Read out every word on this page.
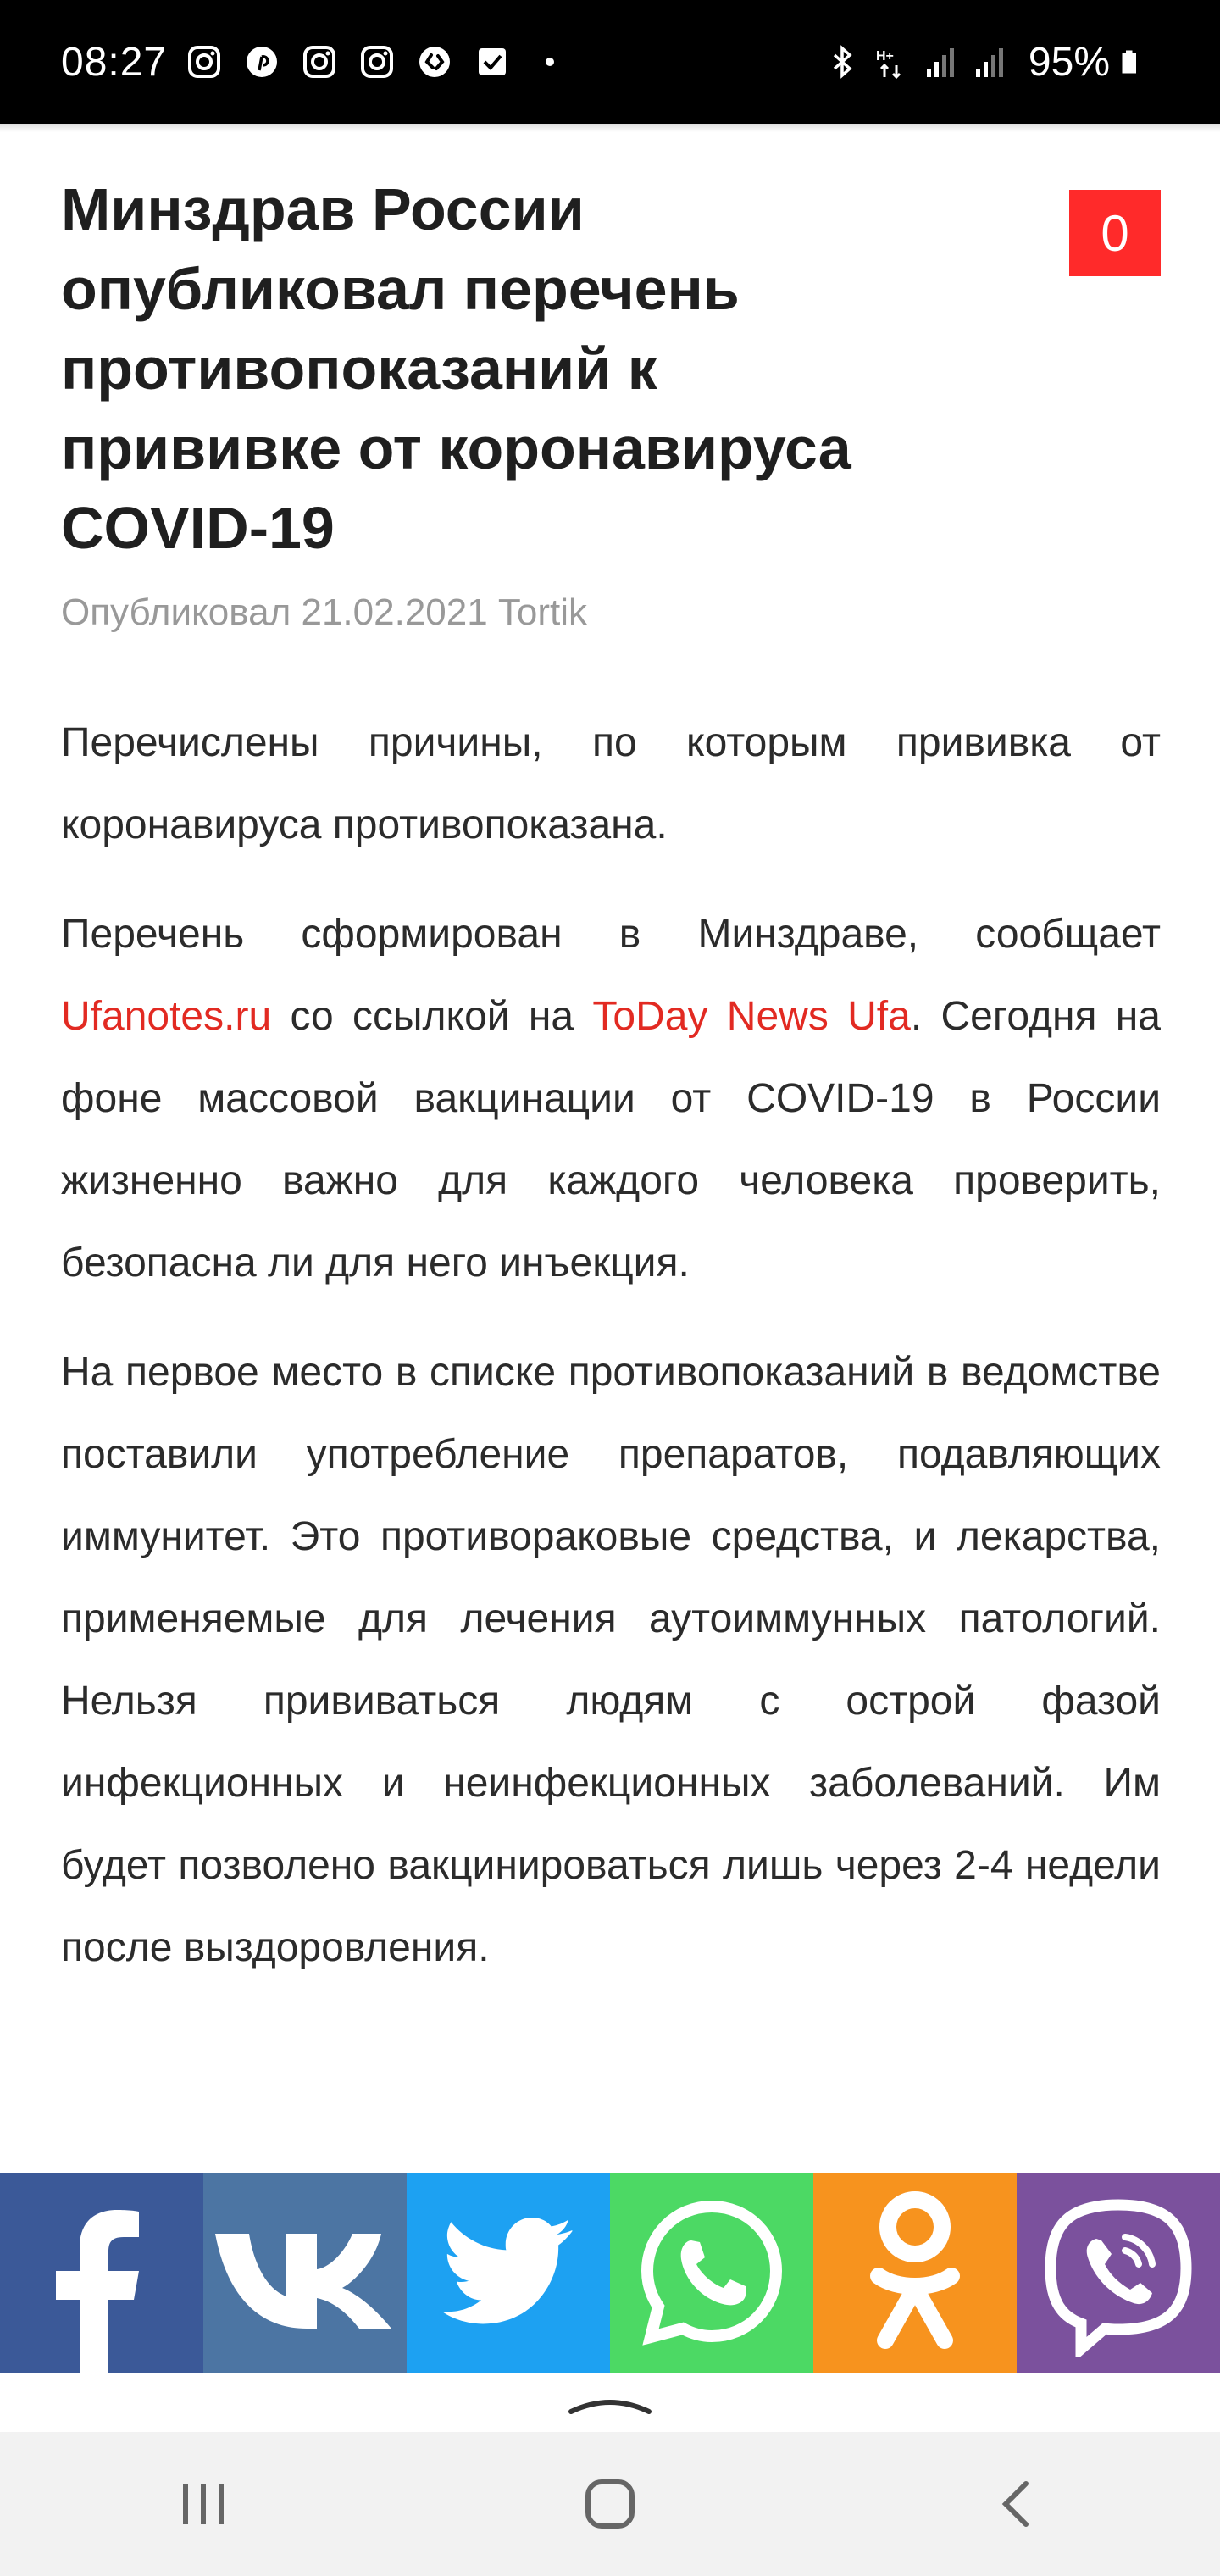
08:27	H+	95%
Минздрав России опубликовал перечень противопоказаний к прививке от коронавируса COVID-19
0
Опубликовал 21.02.2021 Tortik

Перечислены причины, по которым прививка от коронавируса противопоказана.

Перечень сформирован в Минздраве, сообщает Ufanotes.ru со ссылкой на ToDay News Ufa. Сегодня на фоне массовой вакцинации от COVID-19 в России жизненно важно для каждого человека проверить, безопасна ли для него инъекция.

На первое место в списке противопоказаний в ведомстве поставили употребление препаратов, подавляющих иммунитет. Это противораковые средства, и лекарства, применяемые для лечения аутоиммунных патологий. Нельзя прививаться людям с острой фазой инфекционных и неинфекционных заболеваний. Им будет позволено вакцинироваться лишь через 2-4 недели после выздоровления.
